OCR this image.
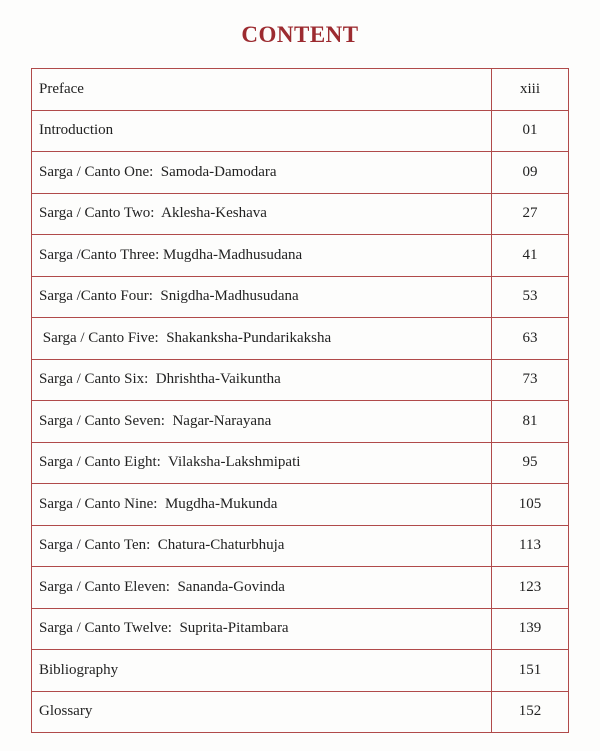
CONTENT
Preface	xiii
Introduction	01
Sarga / Canto One:  Samoda-Damodara	09
Sarga / Canto Two:  Aklesha-Keshava	27
Sarga /Canto Three: Mugdha-Madhusudana	41
Sarga /Canto Four:  Snigdha-Madhusudana	53
Sarga / Canto Five:  Shakanksha-Pundarikaksha	63
Sarga / Canto Six:  Dhrishtha-Vaikuntha	73
Sarga / Canto Seven:  Nagar-Narayana	81
Sarga / Canto Eight:  Vilaksha-Lakshmipati	95
Sarga / Canto Nine:  Mugdha-Mukunda	105
Sarga / Canto Ten:  Chatura-Chaturbhuja	113
Sarga / Canto Eleven:  Sananda-Govinda	123
Sarga / Canto Twelve:  Suprita-Pitambara	139
Bibliography	151
Glossary	152
